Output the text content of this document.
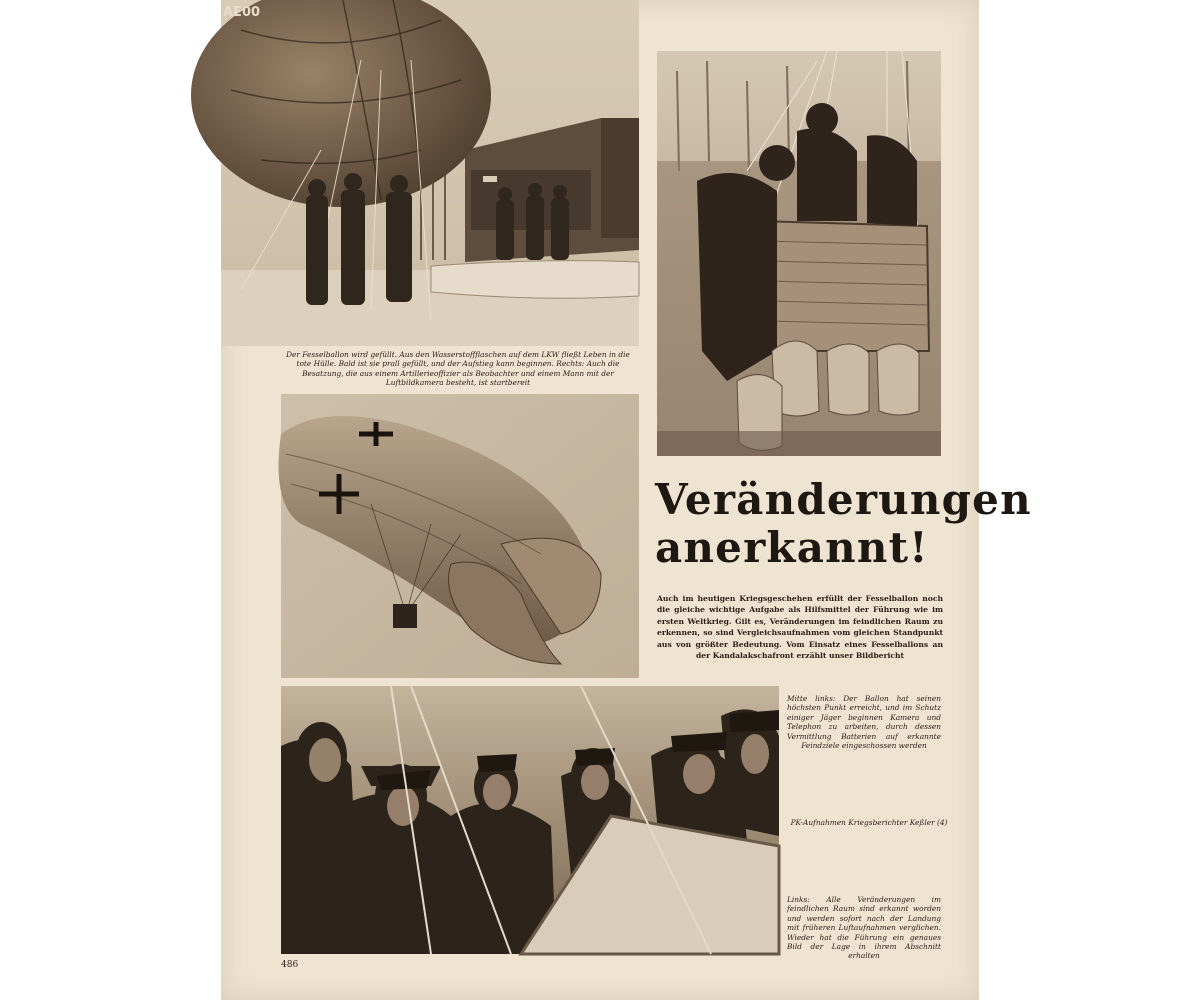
AE00
Der Fesselballon wird gefüllt. Aus den Wasserstoffflaschen auf dem LKW fließt Leben in die tote Hülle. Bald ist sie prall gefüllt, und der Aufstieg kann beginnen. Rechts: Auch die Besatzung, die aus einem Artillerieoffizier als Beobachter und einem Mann mit der Luftbildkamera besteht, ist startbereit
Veränderungen
anerkannt!
Auch im heutigen Kriegsgeschehen erfüllt der Fesselballon noch die gleiche wichtige Aufgabe als Hilfsmittel der Führung wie im ersten Weltkrieg. Gilt es, Veränderungen im feindlichen Raum zu erkennen, so sind Vergleichsaufnahmen vom gleichen Standpunkt aus von größter Bedeutung. Vom Einsatz eines Fesselballons an der Kandalakschafront erzählt unser Bildbericht
Mitte links: Der Ballon hat seinen höchsten Punkt erreicht, und im Schutz einiger Jäger beginnen Kamera und Telephon zu arbeiten, durch dessen Vermittlung Batterien auf erkannte Feindziele eingeschossen werden
PK-Aufnahmen Kriegsberichter Keßler (4)
Links: Alle Veränderungen im feindlichen Raum sind erkannt worden und werden sofort nach der Landung mit früheren Luftaufnahmen verglichen. Wieder hat die Führung ein genaues Bild der Lage in ihrem Abschnitt erhalten
486
